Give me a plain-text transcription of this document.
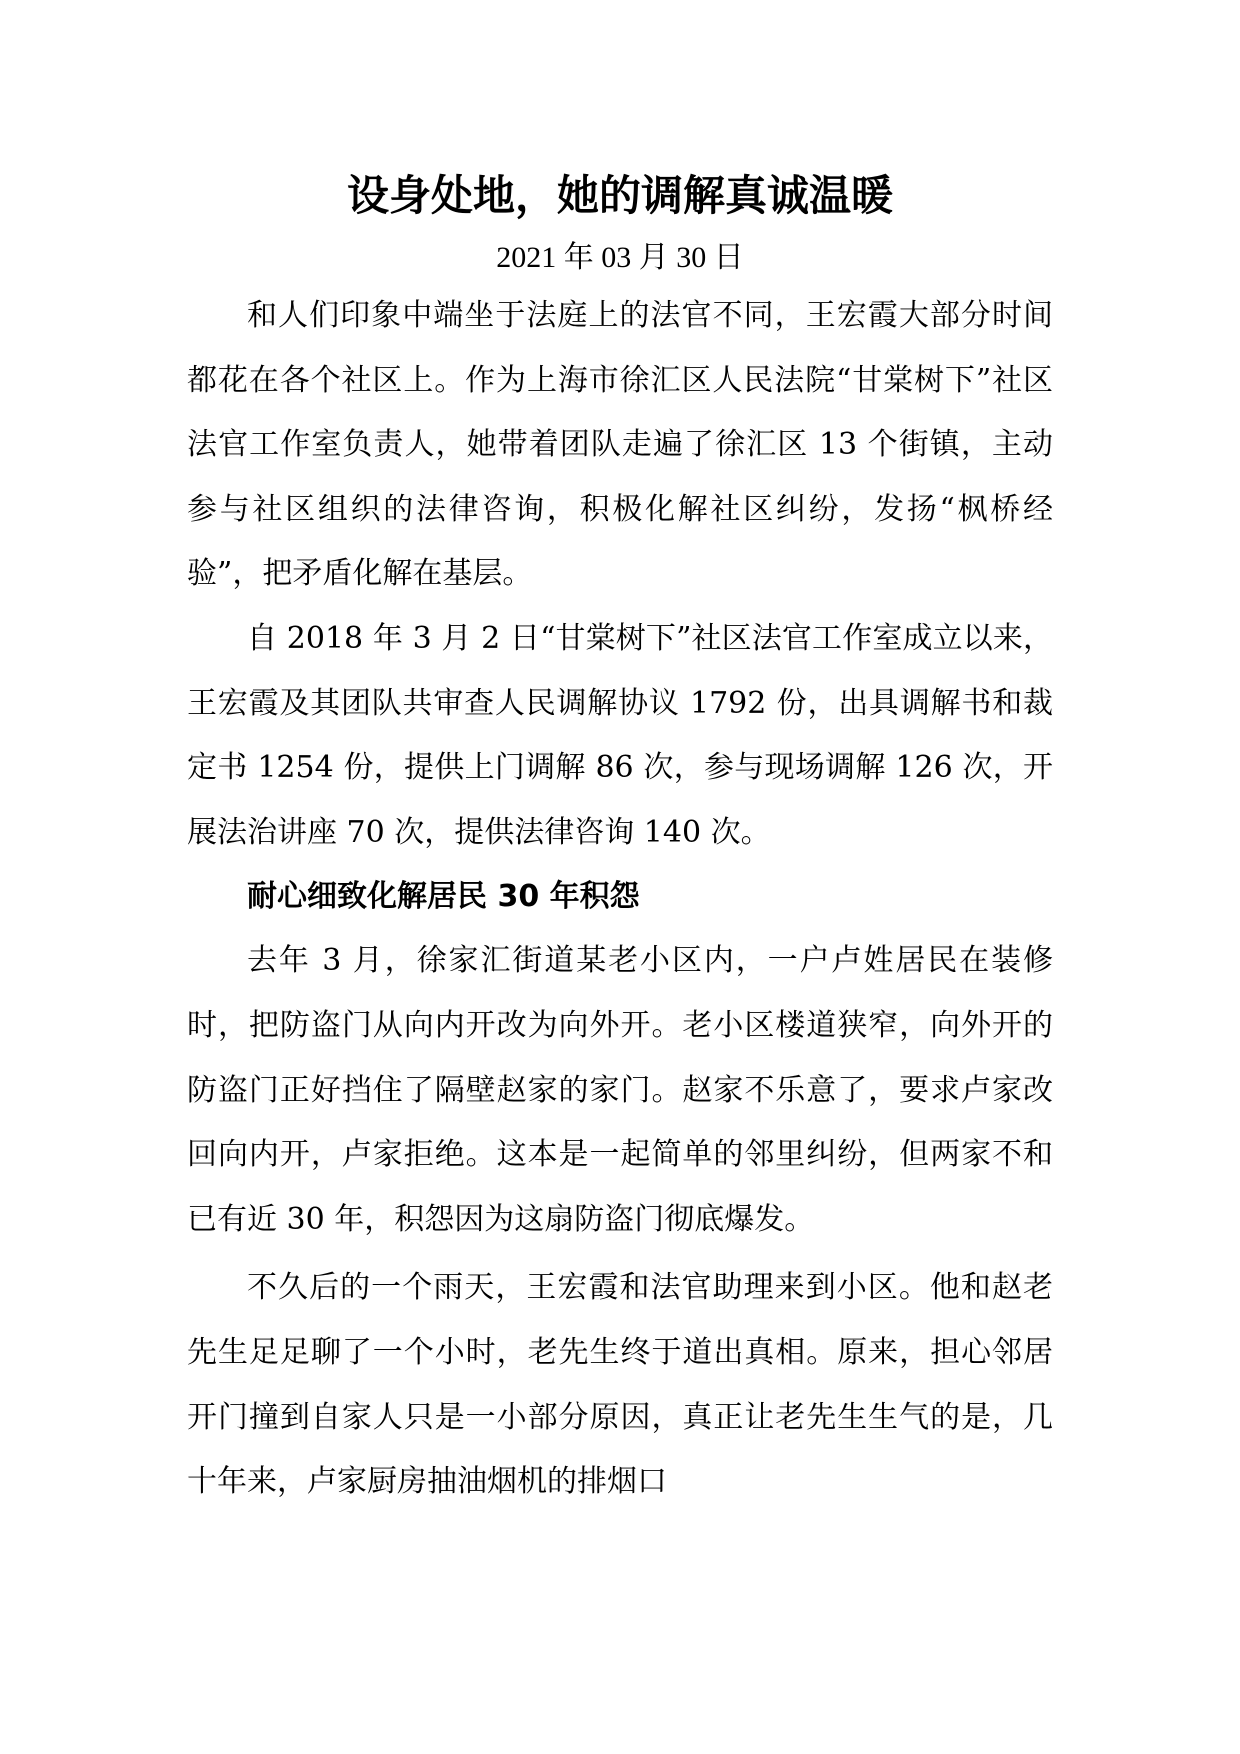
设身处地，她的调解真诚温暖

2021 年 03 月 30 日

和人们印象中端坐于法庭上的法官不同，王宏霞大部分时间都花在各个社区上。作为上海市徐汇区人民法院“甘棠树下”社区法官工作室负责人，她带着团队走遍了徐汇区 13 个街镇，主动参与社区组织的法律咨询，积极化解社区纠纷，发扬“枫桥经验”，把矛盾化解在基层。

自 2018 年 3 月 2 日“甘棠树下”社区法官工作室成立以来，王宏霞及其团队共审查人民调解协议 1792 份，出具调解书和裁定书 1254 份，提供上门调解 86 次，参与现场调解 126 次，开展法治讲座 70 次，提供法律咨询 140 次。

耐心细致化解居民 30 年积怨

去年 3 月，徐家汇街道某老小区内，一户卢姓居民在装修时，把防盗门从向内开改为向外开。老小区楼道狭窄，向外开的防盗门正好挡住了隔壁赵家的家门。赵家不乐意了，要求卢家改回向内开，卢家拒绝。这本是一起简单的邻里纠纷，但两家不和已有近 30 年，积怨因为这扇防盗门彻底爆发。

不久后的一个雨天，王宏霞和法官助理来到小区。他和赵老先生足足聊了一个小时，老先生终于道出真相。原来，担心邻居开门撞到自家人只是一小部分原因，真正让老先生生气的是，几十年来，卢家厨房抽油烟机的排烟口
